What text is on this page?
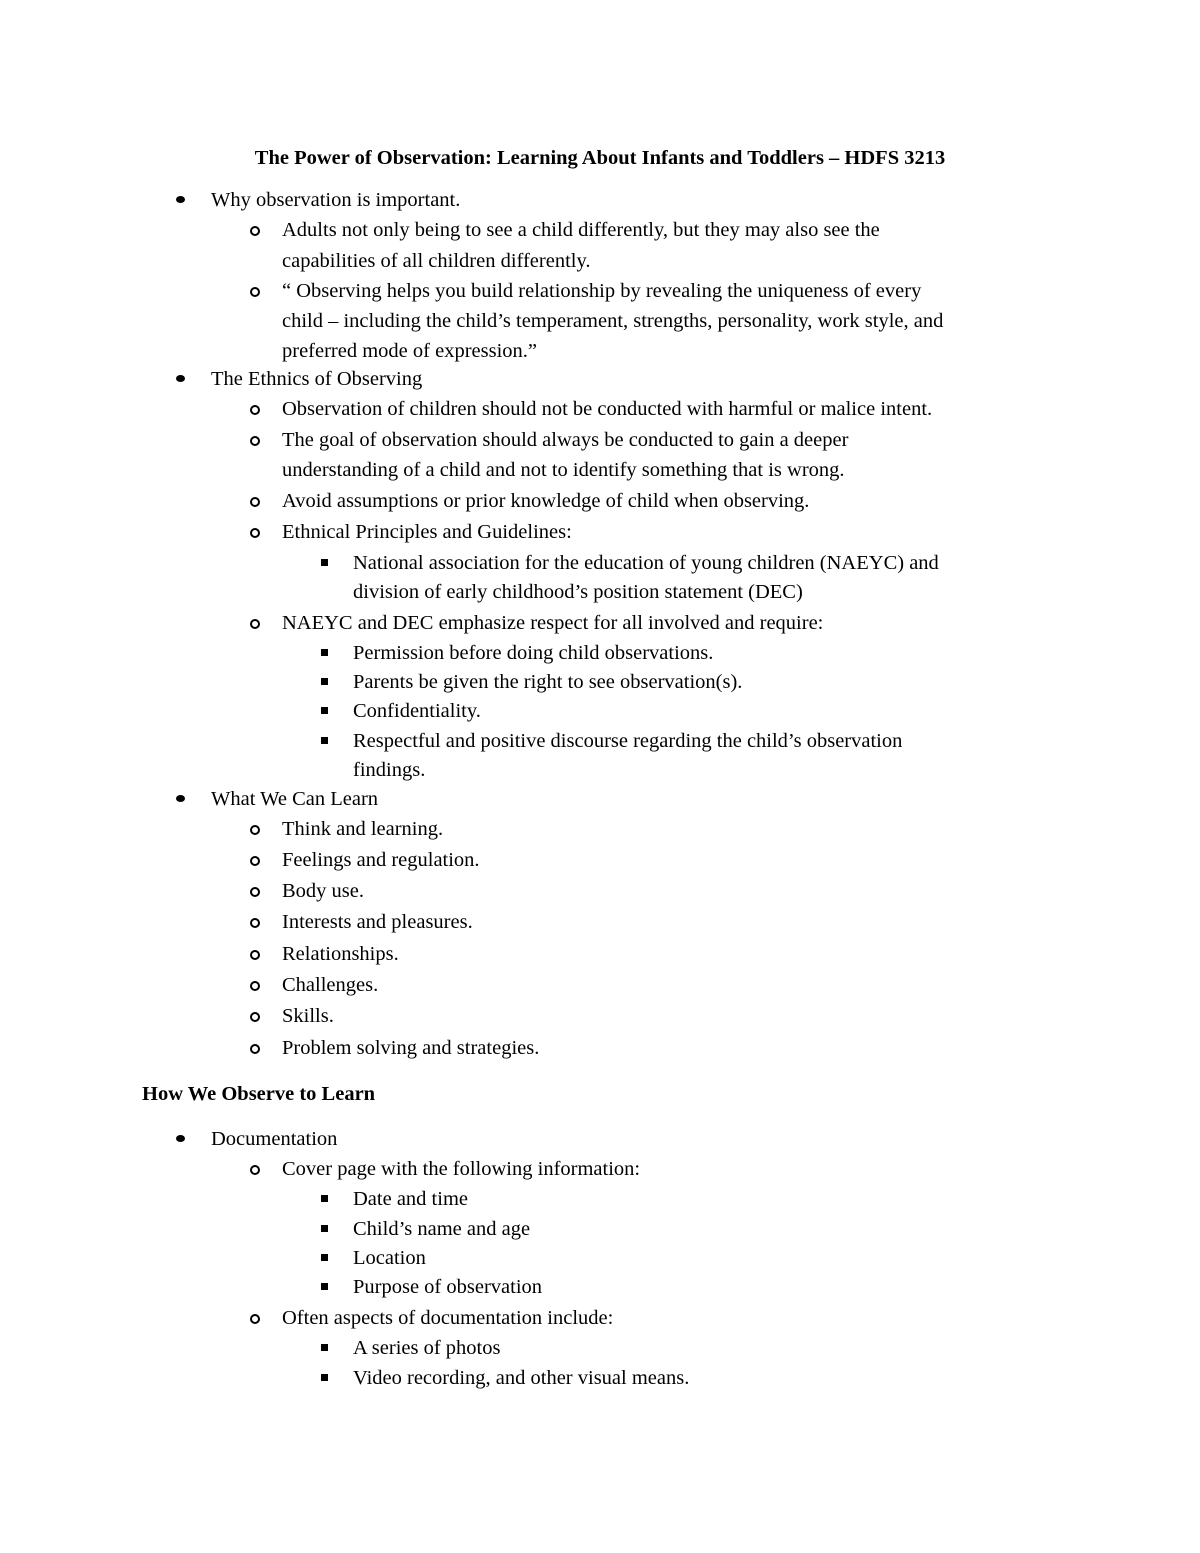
The Power of Observation: Learning About Infants and Toddlers – HDFS 3213
Why observation is important.
Adults not only being to see a child differently, but they may also see the
capabilities of all children differently.
“ Observing helps you build relationship by revealing the uniqueness of every
child – including the child’s temperament, strengths, personality, work style, and
preferred mode of expression.”
The Ethnics of Observing
Observation of children should not be conducted with harmful or malice intent.
The goal of observation should always be conducted to gain a deeper
understanding of a child and not to identify something that is wrong.
Avoid assumptions or prior knowledge of child when observing.
Ethnical Principles and Guidelines:
National association for the education of young children (NAEYC) and
division of early childhood’s position statement (DEC)
NAEYC and DEC emphasize respect for all involved and require:
Permission before doing child observations.
Parents be given the right to see observation(s).
Confidentiality.
Respectful and positive discourse regarding the child’s observation
findings.
What We Can Learn
Think and learning.
Feelings and regulation.
Body use.
Interests and pleasures.
Relationships.
Challenges.
Skills.
Problem solving and strategies.
How We Observe to Learn
Documentation
Cover page with the following information:
Date and time
Child’s name and age
Location
Purpose of observation
Often aspects of documentation include:
A series of photos
Video recording, and other visual means.
